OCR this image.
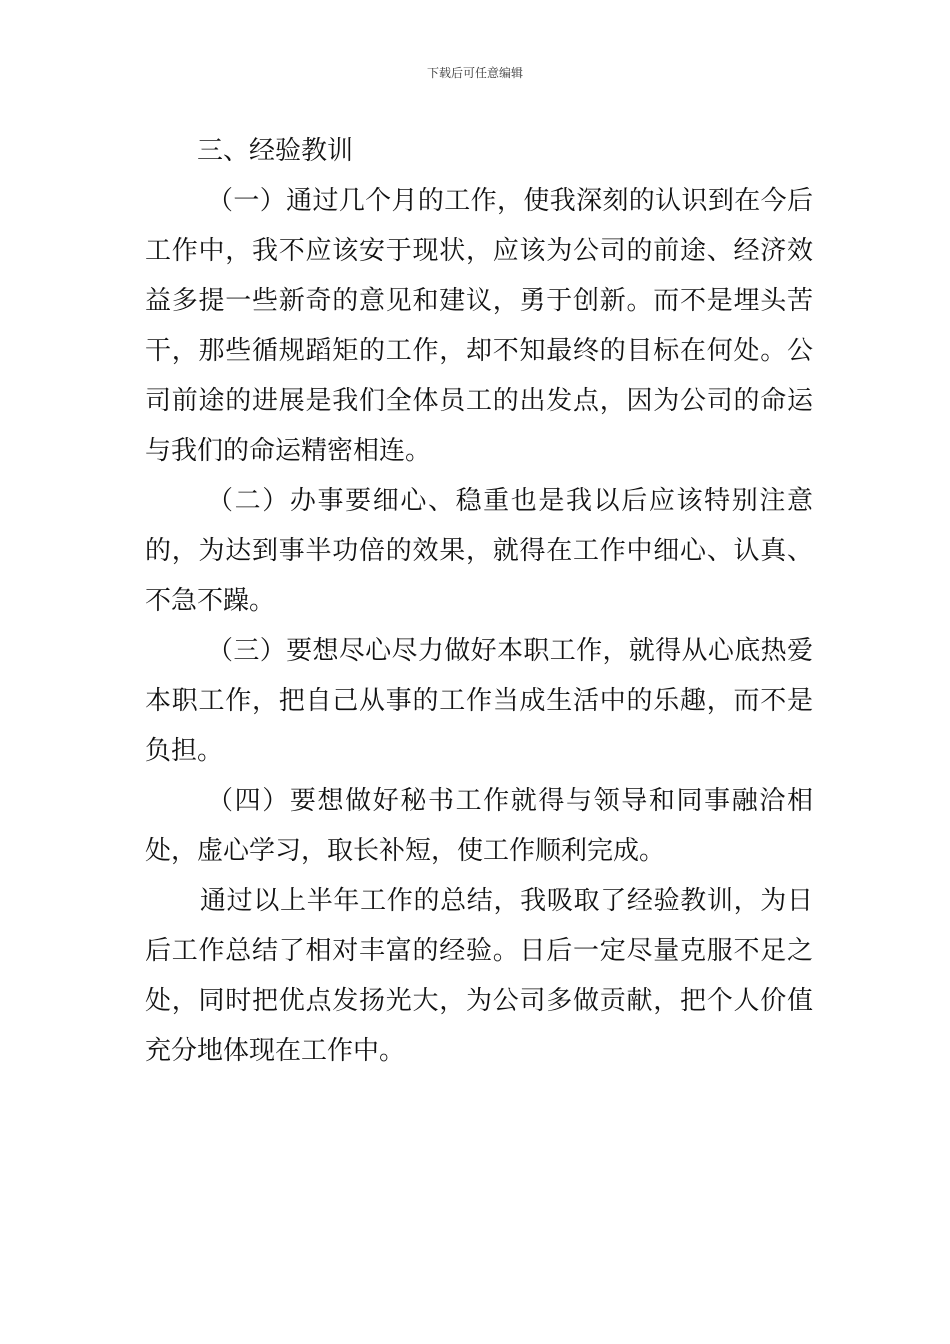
下载后可任意编辑

三、经验教训

（一）通过几个月的工作，使我深刻的认识到在今后工作中，我不应该安于现状，应该为公司的前途、经济效益多提一些新奇的意见和建议，勇于创新。而不是埋头苦干，那些循规蹈矩的工作，却不知最终的目标在何处。公司前途的进展是我们全体员工的出发点，因为公司的命运与我们的命运精密相连。

（二）办事要细心、稳重也是我以后应该特别注意的，为达到事半功倍的效果，就得在工作中细心、认真、不急不躁。

（三）要想尽心尽力做好本职工作，就得从心底热爱本职工作，把自己从事的工作当成生活中的乐趣，而不是负担。

（四）要想做好秘书工作就得与领导和同事融洽相处，虚心学习，取长补短，使工作顺利完成。

通过以上半年工作的总结，我吸取了经验教训，为日后工作总结了相对丰富的经验。日后一定尽量克服不足之处，同时把优点发扬光大，为公司多做贡献，把个人价值充分地体现在工作中。
